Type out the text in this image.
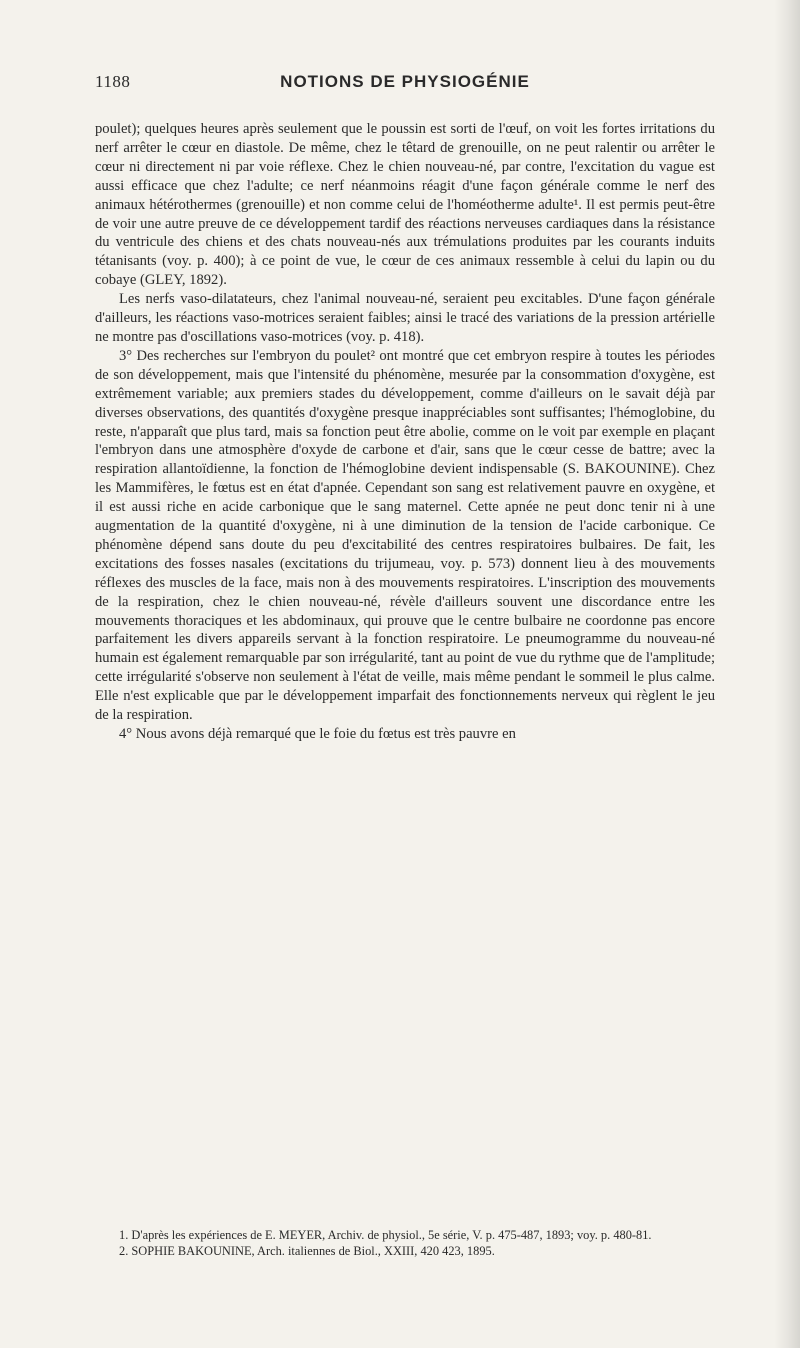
1188	NOTIONS DE PHYSIOGÉNIE

poulet); quelques heures après seulement que le poussin est sorti de l'œuf, on voit les fortes irritations du nerf arrêter le cœur en diastole. De même, chez le têtard de grenouille, on ne peut ralentir ou arrêter le cœur ni directement ni par voie réflexe. Chez le chien nouveau-né, par contre, l'excitation du vague est aussi efficace que chez l'adulte; ce nerf néanmoins réagit d'une façon générale comme le nerf des animaux hétérothermes (grenouille) et non comme celui de l'homéotherme adulte¹. Il est permis peut-être de voir une autre preuve de ce développement tardif des réactions nerveuses cardiaques dans la résistance du ventricule des chiens et des chats nouveau-nés aux trémulations produites par les courants induits tétanisants (voy. p. 400); à ce point de vue, le cœur de ces animaux ressemble à celui du lapin ou du cobaye (GLEY, 1892).

Les nerfs vaso-dilatateurs, chez l'animal nouveau-né, seraient peu excitables. D'une façon générale d'ailleurs, les réactions vaso-motrices seraient faibles; ainsi le tracé des variations de la pression artérielle ne montre pas d'oscillations vaso-motrices (voy. p. 418).

3° Des recherches sur l'embryon du poulet² ont montré que cet embryon respire à toutes les périodes de son développement, mais que l'intensité du phénomène, mesurée par la consommation d'oxygène, est extrêmement variable; aux premiers stades du développement, comme d'ailleurs on le savait déjà par diverses observations, des quantités d'oxygène presque inappréciables sont suffisantes; l'hémoglobine, du reste, n'apparaît que plus tard, mais sa fonction peut être abolie, comme on le voit par exemple en plaçant l'embryon dans une atmosphère d'oxyde de carbone et d'air, sans que le cœur cesse de battre; avec la respiration allantoïdienne, la fonction de l'hémoglobine devient indispensable (S. BAKOUNINE). Chez les Mammifères, le fœtus est en état d'apnée. Cependant son sang est relativement pauvre en oxygène, et il est aussi riche en acide carbonique que le sang maternel. Cette apnée ne peut donc tenir ni à une augmentation de la quantité d'oxygène, ni à une diminution de la tension de l'acide carbonique. Ce phénomène dépend sans doute du peu d'excitabilité des centres respiratoires bulbaires. De fait, les excitations des fosses nasales (excitations du trijumeau, voy. p. 573) donnent lieu à des mouvements réflexes des muscles de la face, mais non à des mouvements respiratoires. L'inscription des mouvements de la respiration, chez le chien nouveau-né, révèle d'ailleurs souvent une discordance entre les mouvements thoraciques et les abdominaux, qui prouve que le centre bulbaire ne coordonne pas encore parfaitement les divers appareils servant à la fonction respiratoire. Le pneumogramme du nouveau-né humain est également remarquable par son irrégularité, tant au point de vue du rythme que de l'amplitude; cette irrégularité s'observe non seulement à l'état de veille, mais même pendant le sommeil le plus calme. Elle n'est explicable que par le développement imparfait des fonctionnements nerveux qui règlent le jeu de la respiration.

4° Nous avons déjà remarqué que le foie du fœtus est très pauvre en

1. D'après les expériences de E. MEYER, Archiv. de physiol., 5e série, V. p. 475-487, 1893; voy. p. 480-81.

2. SOPHIE BAKOUNINE, Arch. italiennes de Biol., XXIII, 420 423, 1895.
